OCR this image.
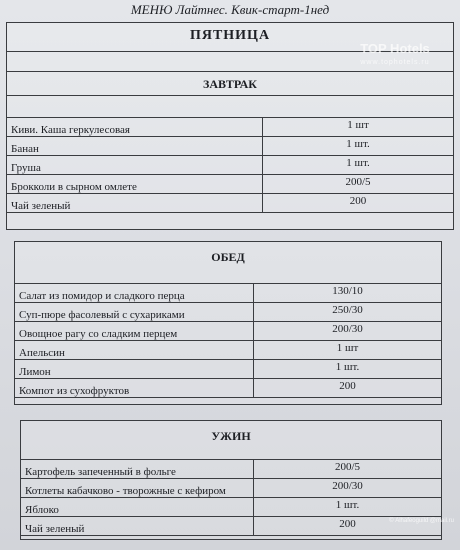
МЕНЮ Лайтнес. Квик-старт-1нед
ПЯТНИЦА
ЗАВТРАК
Киви. Каша геркулесовая	1 шт
Банан	1 шт.
Груша	1 шт.
Брокколи в сырном омлете	200/5
Чай зеленый	200
ОБЕД
Салат из помидор и сладкого перца	130/10
Суп-пюре фасолевый с сухариками	250/30
Овощное рагу со сладким перцем	200/30
Апельсин	1 шт
Лимон	1 шт.
Компот из сухофруктов	200
УЖИН
Картофель запеченный в фольге	200/5
Котлеты кабачково - творожные с кефиром	200/30
Яблоко	1 шт.
Чай зеленый	200
TOP Hotels
www.tophotels.ru
© Аlhafeoguild @mail.ru
